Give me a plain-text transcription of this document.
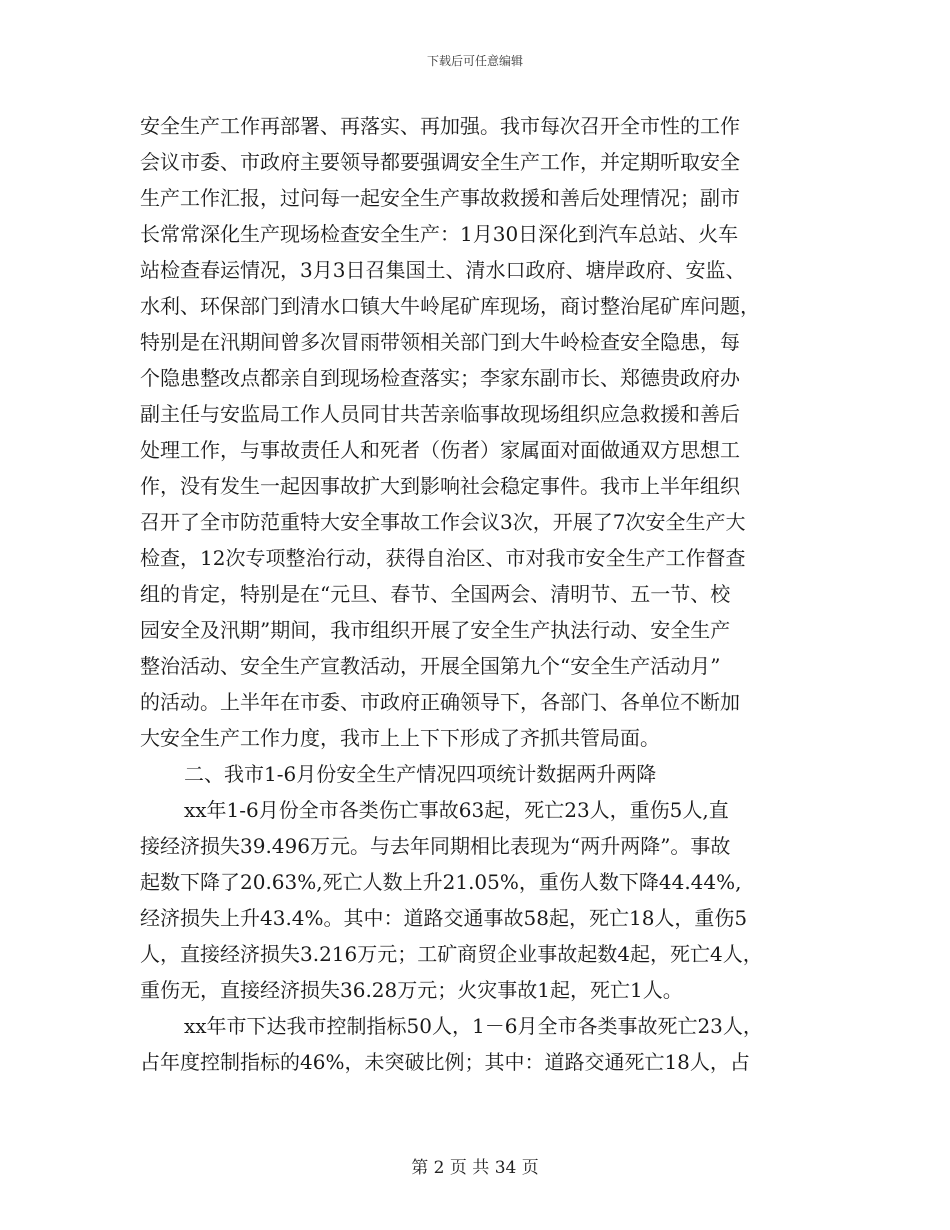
下载后可任意编辑
安全生产工作再部署、再落实、再加强。我市每次召开全市性的工作
会议市委、市政府主要领导都要强调安全生产工作，并定期听取安全
生产工作汇报，过问每一起安全生产事故救援和善后处理情况；副市
长常常深化生产现场检查安全生产：1月30日深化到汽车总站、火车
站检查春运情况，3月3日召集国土、清水口政府、塘岸政府、安监、
水利、环保部门到清水口镇大牛岭尾矿库现场，商讨整治尾矿库问题，
特别是在汛期间曾多次冒雨带领相关部门到大牛岭检查安全隐患，每
个隐患整改点都亲自到现场检查落实；李家东副市长、郑德贵政府办
副主任与安监局工作人员同甘共苦亲临事故现场组织应急救援和善后
处理工作，与事故责任人和死者（伤者）家属面对面做通双方思想工
作，没有发生一起因事故扩大到影响社会稳定事件。我市上半年组织
召开了全市防范重特大安全事故工作会议3次，开展了7次安全生产大
检查，12次专项整治行动，获得自治区、市对我市安全生产工作督查
组的肯定，特别是在“元旦、春节、全国两会、清明节、五一节、校
园安全及汛期”期间，我市组织开展了安全生产执法行动、安全生产
整治活动、安全生产宣教活动，开展全国第九个“安全生产活动月”
的活动。上半年在市委、市政府正确领导下，各部门、各单位不断加
大安全生产工作力度，我市上上下下形成了齐抓共管局面。
二、我市1-6月份安全生产情况四项统计数据两升两降
xx年1-6月份全市各类伤亡事故63起，死亡23人，重伤5人,直
接经济损失39.496万元。与去年同期相比表现为“两升两降”。事故
起数下降了20.63%,死亡人数上升21.05%，重伤人数下降44.44%,
经济损失上升43.4%。其中：道路交通事故58起，死亡18人，重伤5
人，直接经济损失3.216万元；工矿商贸企业事故起数4起，死亡4人，
重伤无，直接经济损失36.28万元；火灾事故1起，死亡1人。
xx年市下达我市控制指标50人，1－6月全市各类事故死亡23人，
占年度控制指标的46%，未突破比例；其中：道路交通死亡18人，占
第 2 页 共 34 页
